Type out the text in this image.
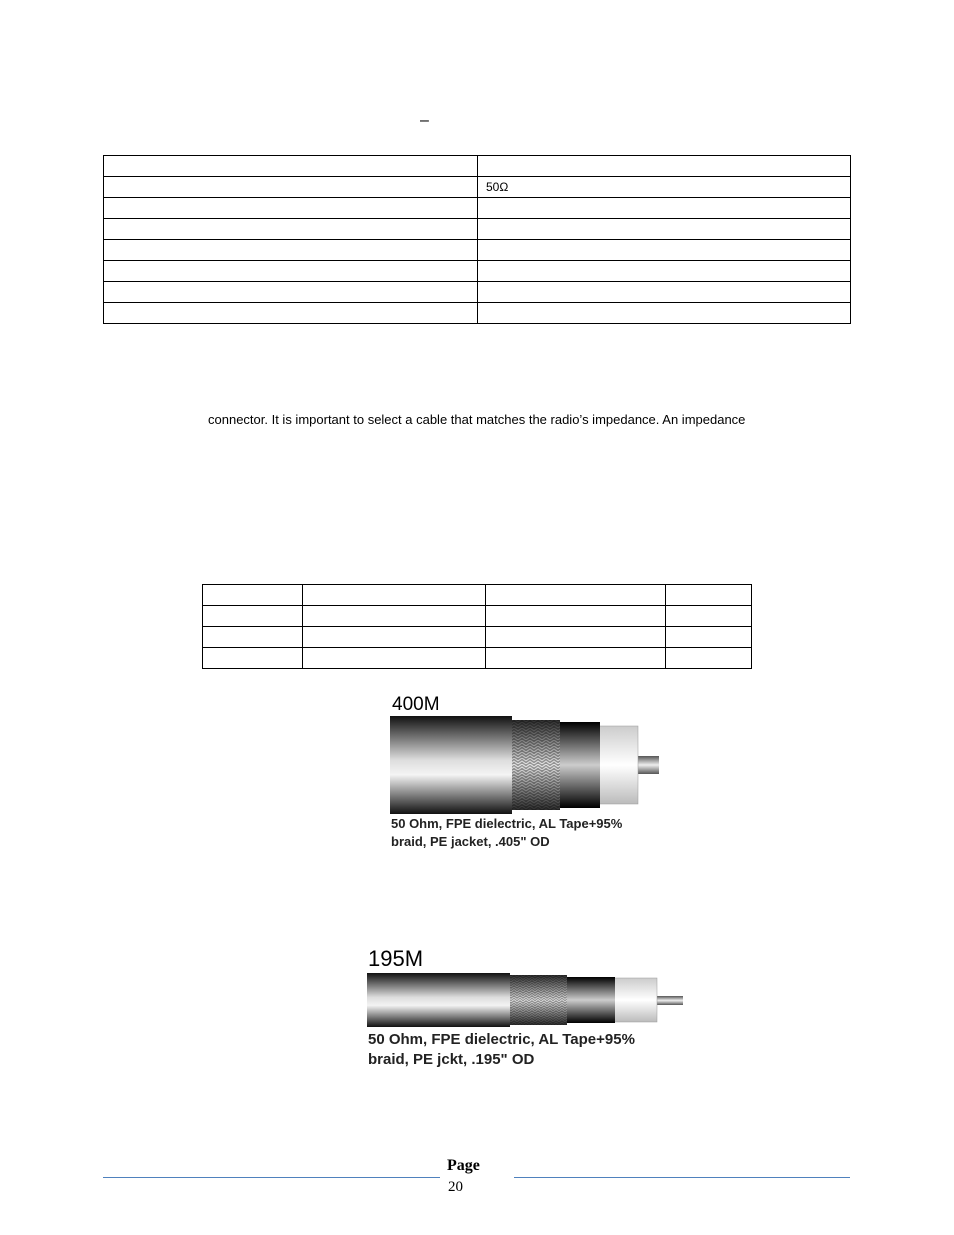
–

	50Ω

connector. It is important to select a cable that matches the radio’s impedance. An impedance

400M
50 Ohm, FPE dielectric, AL Tape+95%
braid, PE jacket, .405" OD
195M
50 Ohm, FPE dielectric, AL Tape+95%
braid, PE jckt, .195" OD
Page
20
